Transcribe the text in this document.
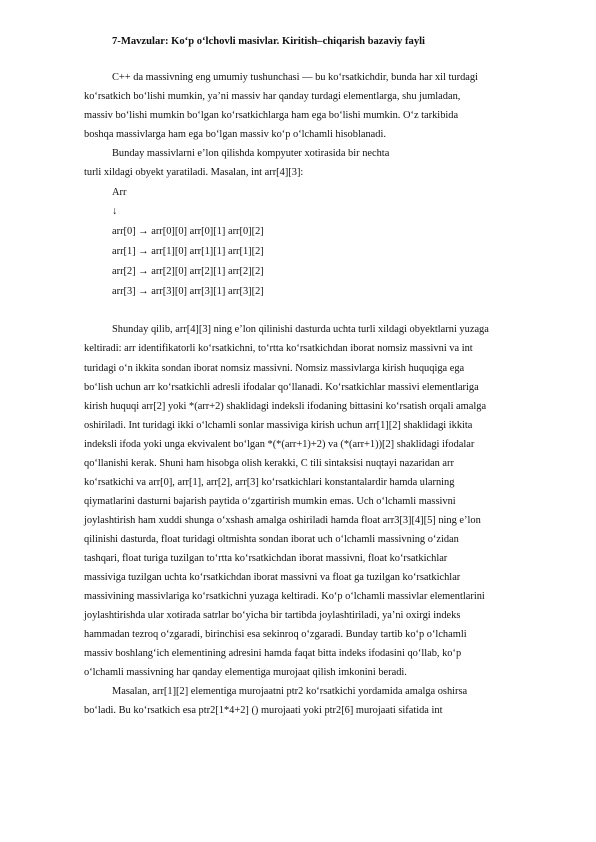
7-Mavzular: Ko‘p o‘lchovli masivlar. Kiritish–chiqarish bazaviy fayli
C++ da massivning eng umumiy tushunchasi — bu ko‘rsatkichdir, bunda har xil turdagi
ko‘rsatkich bo‘lishi mumkin, ya’ni massiv har qanday turdagi elementlarga, shu jumladan,
massiv bo‘lishi mumkin bo‘lgan ko‘rsatkichlarga ham ega bo‘lishi mumkin. O‘z tarkibida
boshqa massivlarga ham ega bo‘lgan massiv ko‘p o‘lchamli hisoblanadi.
Bunday massivlarni e’lon qilishda kompyuter xotirasida bir nechta
turli xildagi obyekt yaratiladi. Masalan, int arr[4][3]:
Arr
↓
arr[0] → arr[0][0] arr[0][1] arr[0][2]
arr[1] → arr[1][0] arr[1][1] arr[1][2]
arr[2] → arr[2][0] arr[2][1] arr[2][2]
arr[3] → arr[3][0] arr[3][1] arr[3][2]
Shunday qilib, arr[4][3] ning e’lon qilinishi dasturda uchta turli xildagi obyektlarni yuzaga
keltiradi: arr identifikatorli ko‘rsatkichni, to‘rtta ko‘rsatkichdan iborat nomsiz massivni va int
turidagi o‘n ikkita sondan iborat nomsiz massivni. Nomsiz massivlarga kirish huquqiga ega
bo‘lish uchun arr ko‘rsatkichli adresli ifodalar qo‘llanadi. Ko‘rsatkichlar massivi elementlariga
kirish huquqi arr[2] yoki *(arr+2) shaklidagi indeksli ifodaning bittasini ko‘rsatish orqali amalga
oshiriladi. Int turidagi ikki o‘lchamli sonlar massiviga kirish uchun arr[1][2] shaklidagi ikkita
indeksli ifoda yoki unga ekvivalent bo‘lgan *(*(arr+1)+2) va (*(arr+1))[2] shaklidagi ifodalar
qo‘llanishi kerak. Shuni ham hisobga olish kerakki, C tili sintaksisi nuqtayi nazaridan arr
ko‘rsatkichi va arr[0], arr[1], arr[2], arr[3] ko‘rsatkichlari konstantalardir hamda ularning
qiymatlarini dasturni bajarish paytida o‘zgartirish mumkin emas. Uch o‘lchamli massivni
joylashtirish ham xuddi shunga o‘xshash amalga oshiriladi hamda float arr3[3][4][5] ning e’lon
qilinishi dasturda, float turidagi oltmishta sondan iborat uch o‘lchamli massivning o‘zidan
tashqari, float turiga tuzilgan to‘rtta ko‘rsatkichdan iborat massivni, float ko‘rsatkichlar
massiviga tuzilgan uchta ko‘rsatkichdan iborat massivni va float ga tuzilgan ko‘rsatkichlar
massivining massivlariga ko‘rsatkichni yuzaga keltiradi. Ko‘p o‘lchamli massivlar elementlarini
joylashtirishda ular xotirada satrlar bo‘yicha bir tartibda joylashtiriladi, ya’ni oxirgi indeks
hammadan tezroq o‘zgaradi, birinchisi esa sekinroq o‘zgaradi. Bunday tartib ko‘p o‘lchamli
massiv boshlang‘ich elementining adresini hamda faqat bitta indeks ifodasini qo‘llab, ko‘p
o‘lchamli massivning har qanday elementiga murojaat qilish imkonini beradi.
Masalan, arr[1][2] elementiga murojaatni ptr2 ko‘rsatkichi yordamida amalga oshirsa
bo‘ladi. Bu ko‘rsatkich esa ptr2[1*4+2] () murojaati yoki ptr2[6] murojaati sifatida int
